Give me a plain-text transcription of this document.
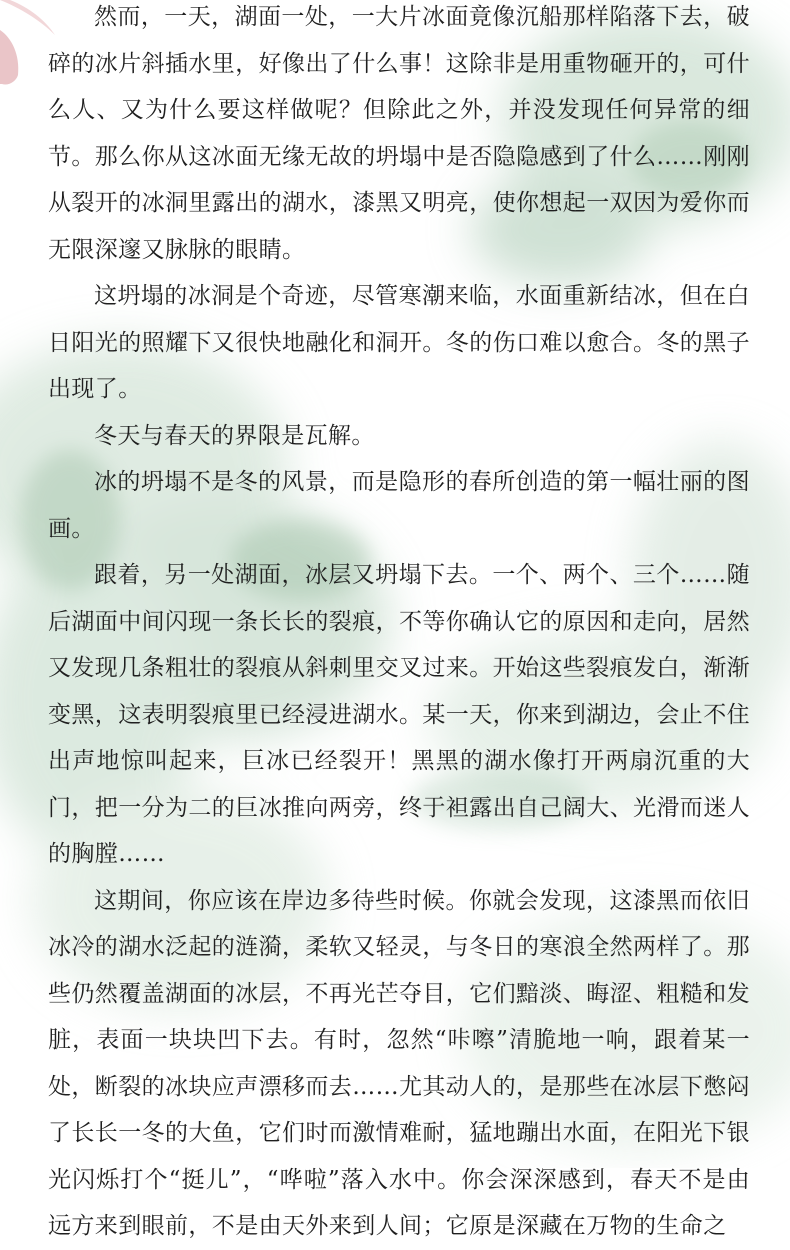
然而，一天，湖面一处，一大片冰面竟像沉船那样陷落下去，破碎的冰片斜插水里，好像出了什么事！这除非是用重物砸开的，可什么人、又为什么要这样做呢？但除此之外，并没发现任何异常的细节。那么你从这冰面无缘无故的坍塌中是否隐隐感到了什么……刚刚从裂开的冰洞里露出的湖水，漆黑又明亮，使你想起一双因为爱你而无限深邃又脉脉的眼睛。

这坍塌的冰洞是个奇迹，尽管寒潮来临，水面重新结冰，但在白日阳光的照耀下又很快地融化和洞开。冬的伤口难以愈合。冬的黑子出现了。

冬天与春天的界限是瓦解。

冰的坍塌不是冬的风景，而是隐形的春所创造的第一幅壮丽的图画。

跟着，另一处湖面，冰层又坍塌下去。一个、两个、三个……随后湖面中间闪现一条长长的裂痕，不等你确认它的原因和走向，居然又发现几条粗壮的裂痕从斜刺里交叉过来。开始这些裂痕发白，渐渐变黑，这表明裂痕里已经浸进湖水。某一天，你来到湖边，会止不住出声地惊叫起来，巨冰已经裂开！黑黑的湖水像打开两扇沉重的大门，把一分为二的巨冰推向两旁，终于袒露出自己阔大、光滑而迷人的胸膛……

这期间，你应该在岸边多待些时候。你就会发现，这漆黑而依旧冰冷的湖水泛起的涟漪，柔软又轻灵，与冬日的寒浪全然两样了。那些仍然覆盖湖面的冰层，不再光芒夺目，它们黯淡、晦涩、粗糙和发脏，表面一块块凹下去。有时，忽然“咔嚓”清脆地一响，跟着某一处，断裂的冰块应声漂移而去……尤其动人的，是那些在冰层下憋闷了长长一冬的大鱼，它们时而激情难耐，猛地蹦出水面，在阳光下银光闪烁打个“挺儿”，“哗啦”落入水中。你会深深感到，春天不是由远方来到眼前，不是由天外来到人间；它原是深藏在万物的生命之
